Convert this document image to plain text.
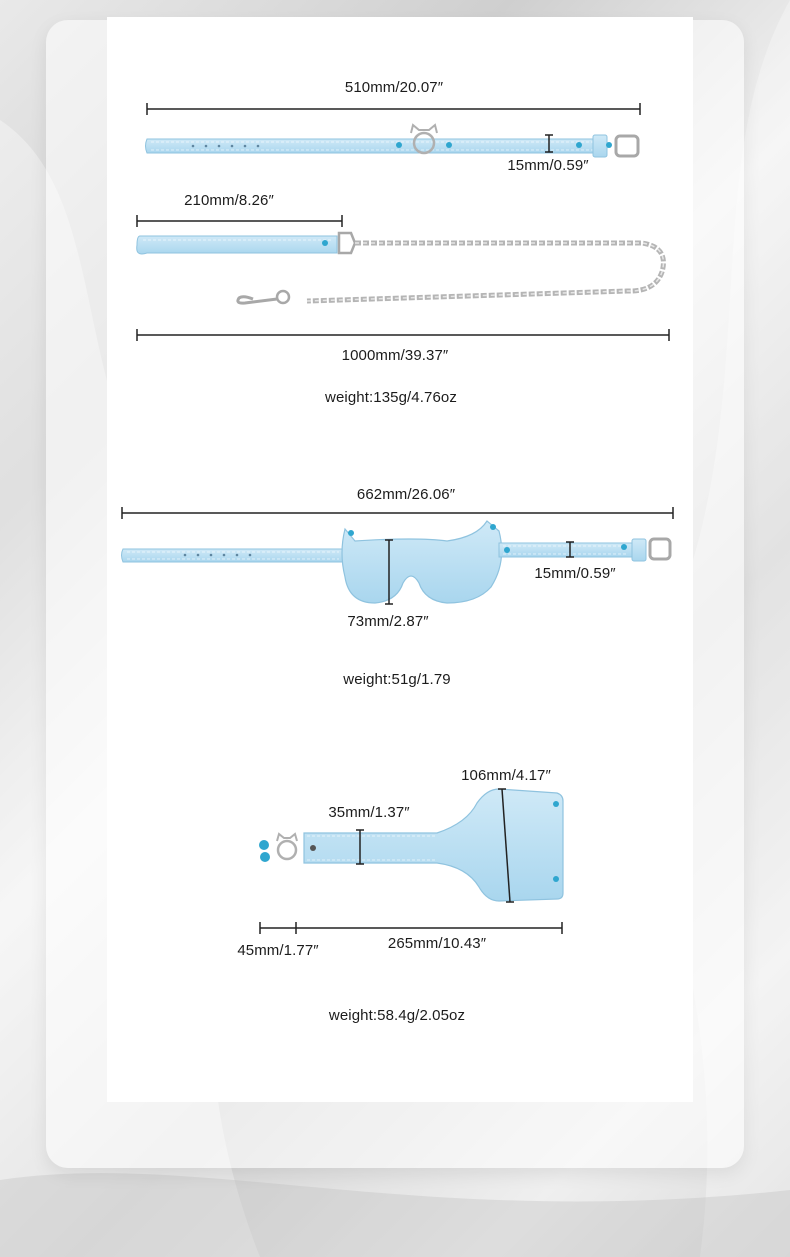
510mm/20.07″
15mm/0.59″
210mm/8.26″
1000mm/39.37″
weight:135g/4.76oz
662mm/26.06″
15mm/0.59″
73mm/2.87″
weight:51g/1.79
106mm/4.17″
35mm/1.37″
45mm/1.77″	265mm/10.43″
weight:58.4g/2.05oz
